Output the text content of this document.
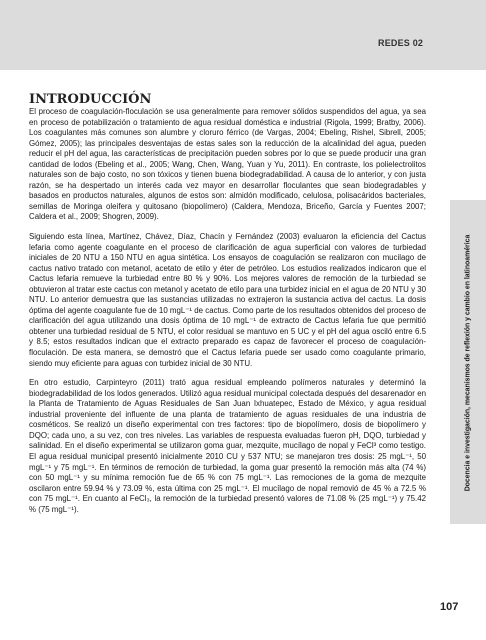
REDES 02
INTRODUCCIÓN

El proceso de coagulación-floculación se usa generalmente para remover sólidos suspendidos del agua, ya sea en proceso de potabilización o tratamiento de agua residual doméstica e industrial (Rigola, 1999; Bratby, 2006). Los coagulantes más comunes son alumbre y cloruro férrico (de Vargas, 2004; Ebeling, Rishel, Sibrell, 2005; Gómez, 2005); las principales desventajas de estas sales son la reducción de la alcalinidad del agua, pueden reducir el pH del agua, las características de precipitación pueden sobres por lo que se puede producir una gran cantidad de lodos (Ebeling et al., 2005; Wang, Chen, Wang, Yuan y Yu, 2011). En contraste, los polielectrolitos naturales son de bajo costo, no son tóxicos y tienen buena biodegradabilidad. A causa de lo anterior, y con justa razón, se ha despertado un interés cada vez mayor en desarrollar floculantes que sean biodegradables y basados en productos naturales, algunos de estos son: almidón modificado, celulosa, polisacáridos bacteriales, semillas de Moringa oleifera y quitosano (biopolímero) (Caldera, Mendoza, Briceño, García y Fuentes 2007; Caldera et al., 2009; Shogren, 2009).

Siguiendo esta línea, Martínez, Chávez, Díaz, Chacín y Fernández (2003) evaluaron la eficiencia del Cactus lefaria como agente coagulante en el proceso de clarificación de agua superficial con valores de turbiedad iniciales de 20 NTU a 150 NTU en agua sintética. Los ensayos de coagulación se realizaron con mucilago de cactus nativo tratado con metanol, acetato de etilo y éter de petróleo. Los estudios realizados indicaron que el Cactus lefaria remueve la turbiedad entre 80 % y 90%. Los mejores valores de remoción de la turbiedad se obtuvieron al tratar este cactus con metanol y acetato de etilo para una turbidez inicial en el agua de 20 NTU y 30 NTU. Lo anterior demuestra que las sustancias utilizadas no extrajeron la sustancia activa del cactus. La dosis óptima del agente coagulante fue de 10 mgL⁻¹ de cactus. Como parte de los resultados obtenidos del proceso de clarificación del agua utilizando una dosis óptima de 10 mgL⁻¹ de extracto de Cactus lefaria fue que permitió obtener una turbiedad residual de 5 NTU, el color residual se mantuvo en 5 UC y el pH del agua osciló entre 6.5 y 8.5; estos resultados indican que el extracto preparado es capaz de favorecer el proceso de coagulación-floculación. De esta manera, se demostró que el Cactus lefaria puede ser usado como coagulante primario, siendo muy eficiente para aguas con turbidez inicial de 30 NTU.

En otro estudio, Carpinteyro (2011) trató agua residual empleando polímeros naturales y determinó la biodegradabilidad de los lodos generados. Utilizó agua residual municipal colectada después del desarenador en la Planta de Tratamiento de Aguas Residuales de San Juan Ixhuatepec, Estado de México, y agua residual industrial proveniente del influente de una planta de tratamiento de aguas residuales de una industria de cosméticos. Se realizó un diseño experimental con tres factores: tipo de biopolímero, dosis de biopolímero y DQO; cada uno, a su vez, con tres niveles. Las variables de respuesta evaluadas fueron pH, DQO, turbiedad y salinidad. En el diseño experimental se utilizaron goma guar, mezquite, mucílago de nopal y FeCl³ como testigo. El agua residual municipal presentó inicialmente 2010 CU y 537 NTU; se manejaron tres dosis: 25 mgL⁻¹, 50 mgL⁻¹ y 75 mgL⁻¹. En términos de remoción de turbiedad, la goma guar presentó la remoción más alta (74 %) con 50 mgL⁻¹ y su mínima remoción fue de 65 % con 75 mgL⁻¹. Las remociones de la goma de mezquite oscilaron entre 59.94 % y 73.09 %, esta última con 25 mgL⁻¹. El mucílago de nopal removió de 45 % a 72.5 % con 75 mgL⁻¹. En cuanto al FeCl₃, la remoción de la turbiedad presentó valores de 71.08 % (25 mgL⁻¹) y 75.42 % (75 mgL⁻¹).

Docencia e investigación, mecanismos de reflexión y cambio en latinoamérica
107
